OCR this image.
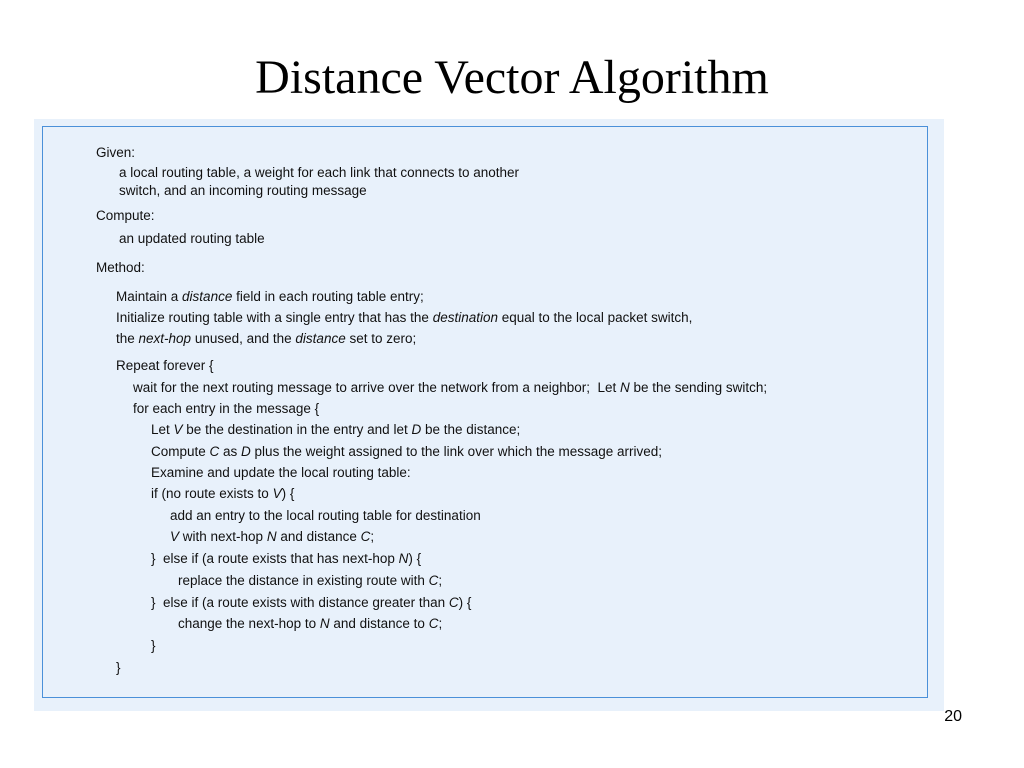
Distance Vector Algorithm
Given:
a local routing table, a weight for each link that connects to another
switch, and an incoming routing message
Compute:
an updated routing table
Method:
Maintain a distance field in each routing table entry;
Initialize routing table with a single entry that has the destination equal to the local packet switch,
the next-hop unused, and the distance set to zero;
Repeat forever {
wait for the next routing message to arrive over the network from a neighbor;  Let N be the sending switch;
for each entry in the message {
Let V be the destination in the entry and let D be the distance;
Compute C as D plus the weight assigned to the link over which the message arrived;
Examine and update the local routing table:
if (no route exists to V) {
add an entry to the local routing table for destination
V with next-hop N and distance C;
}  else if (a route exists that has next-hop N) {
replace the distance in existing route with C;
}  else if (a route exists with distance greater than C) {
change the next-hop to N and distance to C;
}
}
20
